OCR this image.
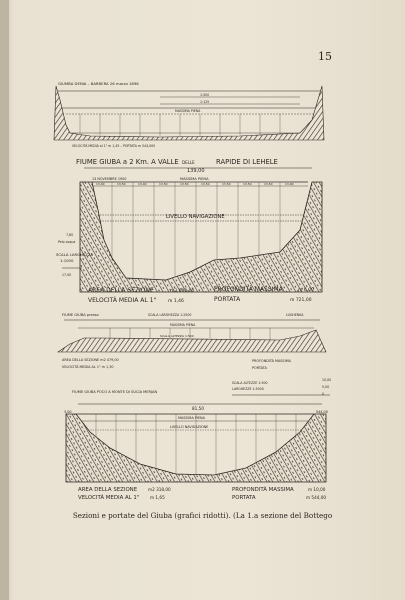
15
GIUMBA DENIA – BARBERA 26 marzo 1896
1:500
1:125
MASSIMA PIENA
VELOCITÀ MEDIA al 1" m 1,45 – PORTATA m 544,000
FIUME GIUBA a 2 Km. A VALLE DELLE	RAPIDE DI LEHELE
139,00
13 NOVEMBRE 1900	MASSIMA PIENA
13,00	13,50	13,00	13,50	13,50	13,50	13,50	13,50	13,50	13,00
LIVELLO NAVIGAZIONE
7,80
Pelo acqua
SCALA LARGHEZZA
1:1000
17,00
AREA DELLA SEZIONE	m2 680,00
VELOCITÀ MEDIA AL 1"	m 1,46
PROFONDITÀ MASSIMA	m 6,00
PORTATA	m 721,00
FIUME GIUBA presso	SCALA LARGHEZZA 1:2500	LUGHENKA
MASSIMA PIENA
SCALA ALTEZZA 1:500
AREA DELLA SEZIONE m2 479,00
VELOCITÀ MEDIA AL 1" m 1,30
PROFONDITÀ MASSIMA
PORTATA
FIUME GIUBA POCO A MONTE DI SUCIA MERJAN
SCALA ALTEZZE 1:500
LARGHEZZE 1:5000
10,00
5,00
0
81,50
3,00	544,00
MASSIMA PIENA
LIVELLO NAVIGAZIONE
AREA DELLA SEZIONE	m2 318,00
VELOCITÀ MEDIA AL 1"	m 1,65
PROFONDITÀ MASSIMA	m 10,00
PORTATA	m 544,00
Sezioni e portate del Giuba (grafici ridotti). (La 1.a sezione del Bottego
